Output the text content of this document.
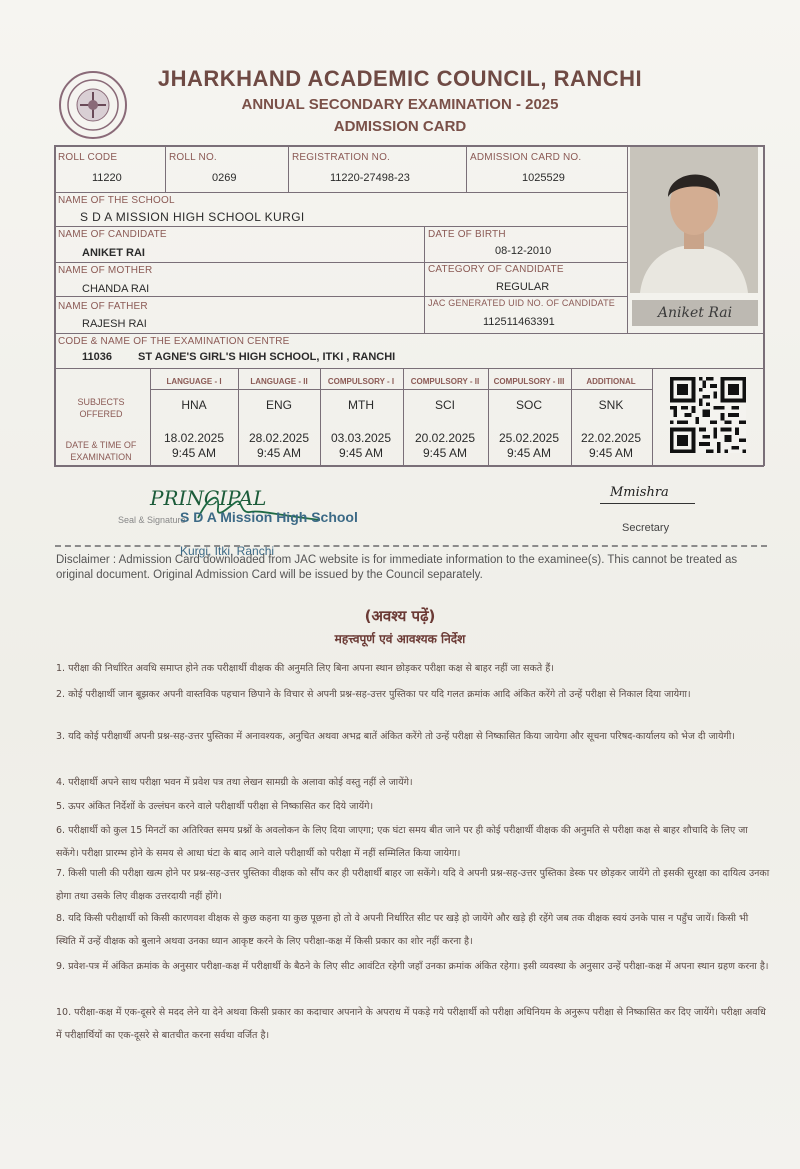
JHARKHAND ACADEMIC COUNCIL, RANCHI
ANNUAL SECONDARY EXAMINATION - 2025
ADMISSION CARD
ROLL CODE
11220
ROLL NO.
0269
REGISTRATION NO.
11220-27498-23
ADMISSION CARD NO.
1025529
NAME OF THE SCHOOL
S D A MISSION HIGH SCHOOL KURGI
NAME OF CANDIDATE
ANIKET RAI
DATE OF BIRTH
08-12-2010
NAME OF MOTHER
CHANDA RAI
CATEGORY OF CANDIDATE
REGULAR
NAME OF FATHER
RAJESH RAI
JAC GENERATED UID NO. OF CANDIDATE
112511463391
CODE & NAME OF THE EXAMINATION CENTRE
11036 ST AGNE'S GIRL'S HIGH SCHOOL, ITKI , RANCHI
Aniket Rai
SUBJECTS OFFERED
DATE & TIME OF EXAMINATION
LANGUAGE - I	LANGUAGE - II	COMPULSORY - I	COMPULSORY - II	COMPULSORY - III	ADDITIONAL
HNA	ENG	MTH	SCI	SOC	SNK
18.02.2025	28.02.2025	03.03.2025	20.02.2025	25.02.2025	22.02.2025
9:45 AM	9:45 AM	9:45 AM	9:45 AM	9:45 AM	9:45 AM
PRINCIPAL
Seal & Signature
S D A Mission High School
Kurgi, Itki, Ranchi
Mmishra
Secretary
Disclaimer : Admission Card downloaded from JAC website is for immediate information to the examinee(s). This cannot be treated as original document. Original Admission Card will be issued by the Council separately.
(अवश्य पढ़ें)
महत्त्वपूर्ण एवं आवश्यक निर्देश
1. परीक्षा की निर्धारित अवधि समाप्त होने तक परीक्षार्थी वीक्षक की अनुमति लिए बिना अपना स्थान छोड़कर परीक्षा कक्ष से बाहर नहीं जा सकते हैं।
2. कोई परीक्षार्थी जान बूझकर अपनी वास्तविक पहचान छिपाने के विचार से अपनी प्रश्न-सह-उत्तर पुस्तिका पर यदि गलत क्रमांक आदि अंकित करेंगे तो उन्हें परीक्षा से निकाल दिया जायेगा।
3. यदि कोई परीक्षार्थी अपनी प्रश्न-सह-उत्तर पुस्तिका में अनावश्यक, अनुचित अथवा अभद्र बातें अंकित करेंगे तो उन्हें परीक्षा से निष्कासित किया जायेगा और सूचना परिषद-कार्यालय को भेज दी जायेगी।
4. परीक्षार्थी अपने साथ परीक्षा भवन में प्रवेश पत्र तथा लेखन सामग्री के अलावा कोई वस्तु नहीं ले जायेंगे।
5. ऊपर अंकित निर्देशों के उल्लंघन करने वाले परीक्षार्थी परीक्षा से निष्कासित कर दिये जायेंगे।
6. परीक्षार्थी को कुल 15 मिनटों का अतिरिक्त समय प्रश्नों के अवलोकन के लिए दिया जाएगा; एक घंटा समय बीत जाने पर ही कोई परीक्षार्थी वीक्षक की अनुमति से परीक्षा कक्ष से बाहर शौचादि के लिए जा सकेंगे। परीक्षा प्रारम्भ होने के समय से आधा घंटा के बाद आने वाले परीक्षार्थी को परीक्षा में नहीं सम्मिलित किया जायेगा।
7. किसी पाली की परीक्षा खत्म होने पर प्रश्न-सह-उत्तर पुस्तिका वीक्षक को सौंप कर ही परीक्षार्थी बाहर जा सकेंगे। यदि वे अपनी प्रश्न-सह-उत्तर पुस्तिका डेस्क पर छोड़कर जायेंगे तो इसकी सुरक्षा का दायित्व उनका होगा तथा उसके लिए वीक्षक उत्तरदायी नहीं होंगे।
8. यदि किसी परीक्षार्थी को किसी कारणवश वीक्षक से कुछ कहना या कुछ पूछना हो तो वे अपनी निर्धारित सीट पर खड़े हो जायेंगे और खड़े ही रहेंगे जब तक वीक्षक स्वयं उनके पास न पहुँच जायें। किसी भी स्थिति में उन्हें वीक्षक को बुलाने अथवा उनका ध्यान आकृष्ट करने के लिए परीक्षा-कक्ष में किसी प्रकार का शोर नहीं करना है।
9. प्रवेश-पत्र में अंकित क्रमांक के अनुसार परीक्षा-कक्ष में परीक्षार्थी के बैठने के लिए सीट आवंटित रहेगी जहाँ उनका क्रमांक अंकित रहेगा। इसी व्यवस्था के अनुसार उन्हें परीक्षा-कक्ष में अपना स्थान ग्रहण करना है।
10. परीक्षा-कक्ष में एक-दूसरे से मदद लेने या देने अथवा किसी प्रकार का कदाचार अपनाने के अपराध में पकड़े गये परीक्षार्थी को परीक्षा अधिनियम के अनुरूप परीक्षा से निष्कासित कर दिए जायेंगे। परीक्षा अवधि में परीक्षार्थियों का एक-दूसरे से बातचीत करना सर्वथा वर्जित है।
